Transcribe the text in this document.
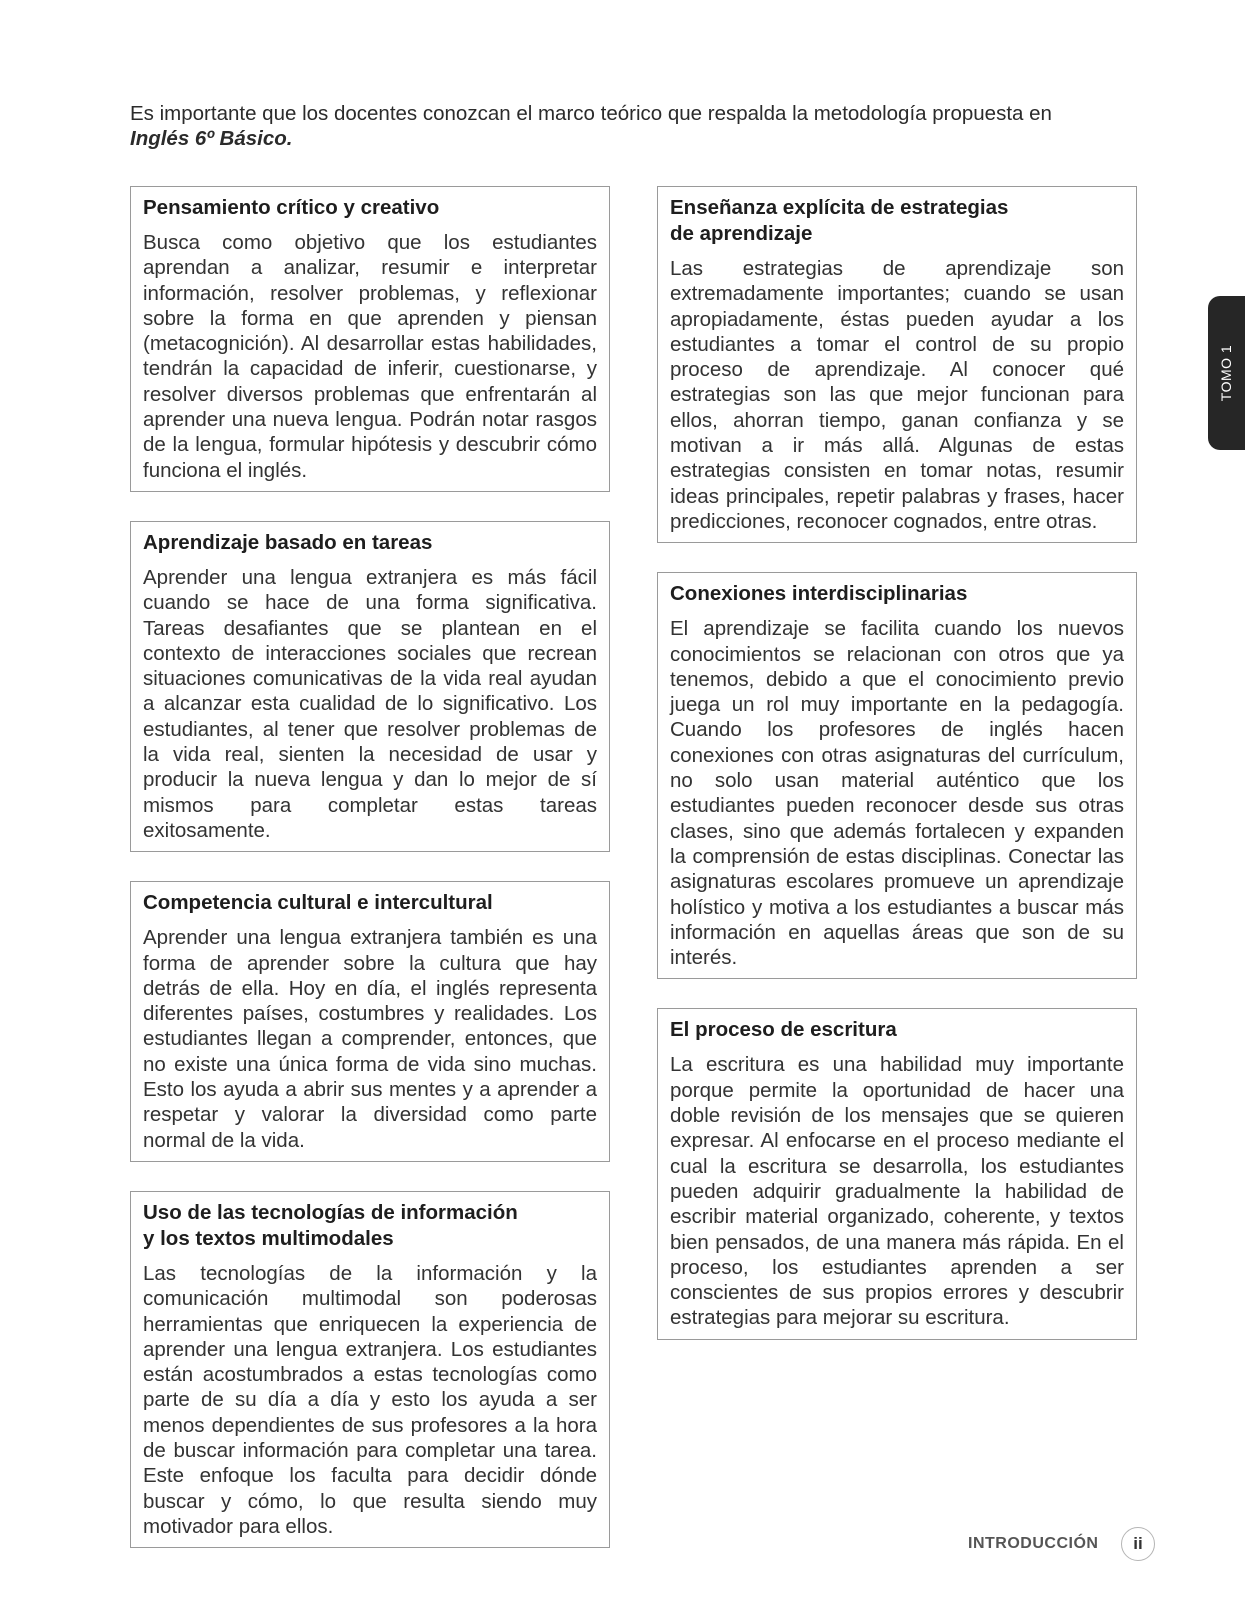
Es importante que los docentes conozcan el marco teórico que respalda la metodología propuesta en
Inglés 6º Básico.

Pensamiento crítico y creativo

Busca como objetivo que los estudiantes aprendan a analizar, resumir e interpretar información, resolver problemas, y reflexionar sobre la forma en que aprenden y piensan (metacognición). Al desarrollar estas habilidades, tendrán la capacidad de inferir, cuestionarse, y resolver diversos problemas que enfrentarán al aprender una nueva lengua. Podrán notar rasgos de la lengua, formular hipótesis y descubrir cómo funciona el inglés.

Aprendizaje basado en tareas

Aprender una lengua extranjera es más fácil cuando se hace de una forma significativa. Tareas desafiantes que se plantean en el contexto de interacciones sociales que recrean situaciones comunicativas de la vida real ayudan a alcanzar esta cualidad de lo significativo. Los estudiantes, al tener que resolver problemas de la vida real, sienten la necesidad de usar y producir la nueva lengua y dan lo mejor de sí mismos para completar estas tareas exitosamente.

Competencia cultural e intercultural

Aprender una lengua extranjera también es una forma de aprender sobre la cultura que hay detrás de ella. Hoy en día, el inglés representa diferentes países, costumbres y realidades. Los estudiantes llegan a comprender, entonces, que no existe una única forma de vida sino muchas. Esto los ayuda a abrir sus mentes y a aprender a respetar y valorar la diversidad como parte normal de la vida.

Uso de las tecnologías de información
y los textos multimodales

Las tecnologías de la información y la comunicación multimodal son poderosas herramientas que enriquecen la experiencia de aprender una lengua extranjera. Los estudiantes están acostumbrados a estas tecnologías como parte de su día a día y esto los ayuda a ser menos dependientes de sus profesores a la hora de buscar información para completar una tarea. Este enfoque los faculta para decidir dónde buscar y cómo, lo que resulta siendo muy motivador para ellos.

Enseñanza explícita de estrategias
de aprendizaje

Las estrategias de aprendizaje son extremadamente importantes; cuando se usan apropiadamente, éstas pueden ayudar a los estudiantes a tomar el control de su propio proceso de aprendizaje. Al conocer qué estrategias son las que mejor funcionan para ellos, ahorran tiempo, ganan confianza y se motivan a ir más allá. Algunas de estas estrategias consisten en tomar notas, resumir ideas principales, repetir palabras y frases, hacer predicciones, reconocer cognados, entre otras.

Conexiones interdisciplinarias

El aprendizaje se facilita cuando los nuevos conocimientos se relacionan con otros que ya tenemos, debido a que el conocimiento previo juega un rol muy importante en la pedagogía. Cuando los profesores de inglés hacen conexiones con otras asignaturas del currículum, no solo usan material auténtico que los estudiantes pueden reconocer desde sus otras clases, sino que además fortalecen y expanden la comprensión de estas disciplinas. Conectar las asignaturas escolares promueve un aprendizaje holístico y motiva a los estudiantes a buscar más información en aquellas áreas que son de su interés.

El proceso de escritura

La escritura es una habilidad muy importante porque permite la oportunidad de hacer una doble revisión de los mensajes que se quieren expresar. Al enfocarse en el proceso mediante el cual la escritura se desarrolla, los estudiantes pueden adquirir gradualmente la habilidad de escribir material organizado, coherente, y textos bien pensados, de una manera más rápida. En el proceso, los estudiantes aprenden a ser conscientes de sus propios errores y descubrir estrategias para mejorar su escritura.

TOMO 1
INTRODUCCIÓN	ii
